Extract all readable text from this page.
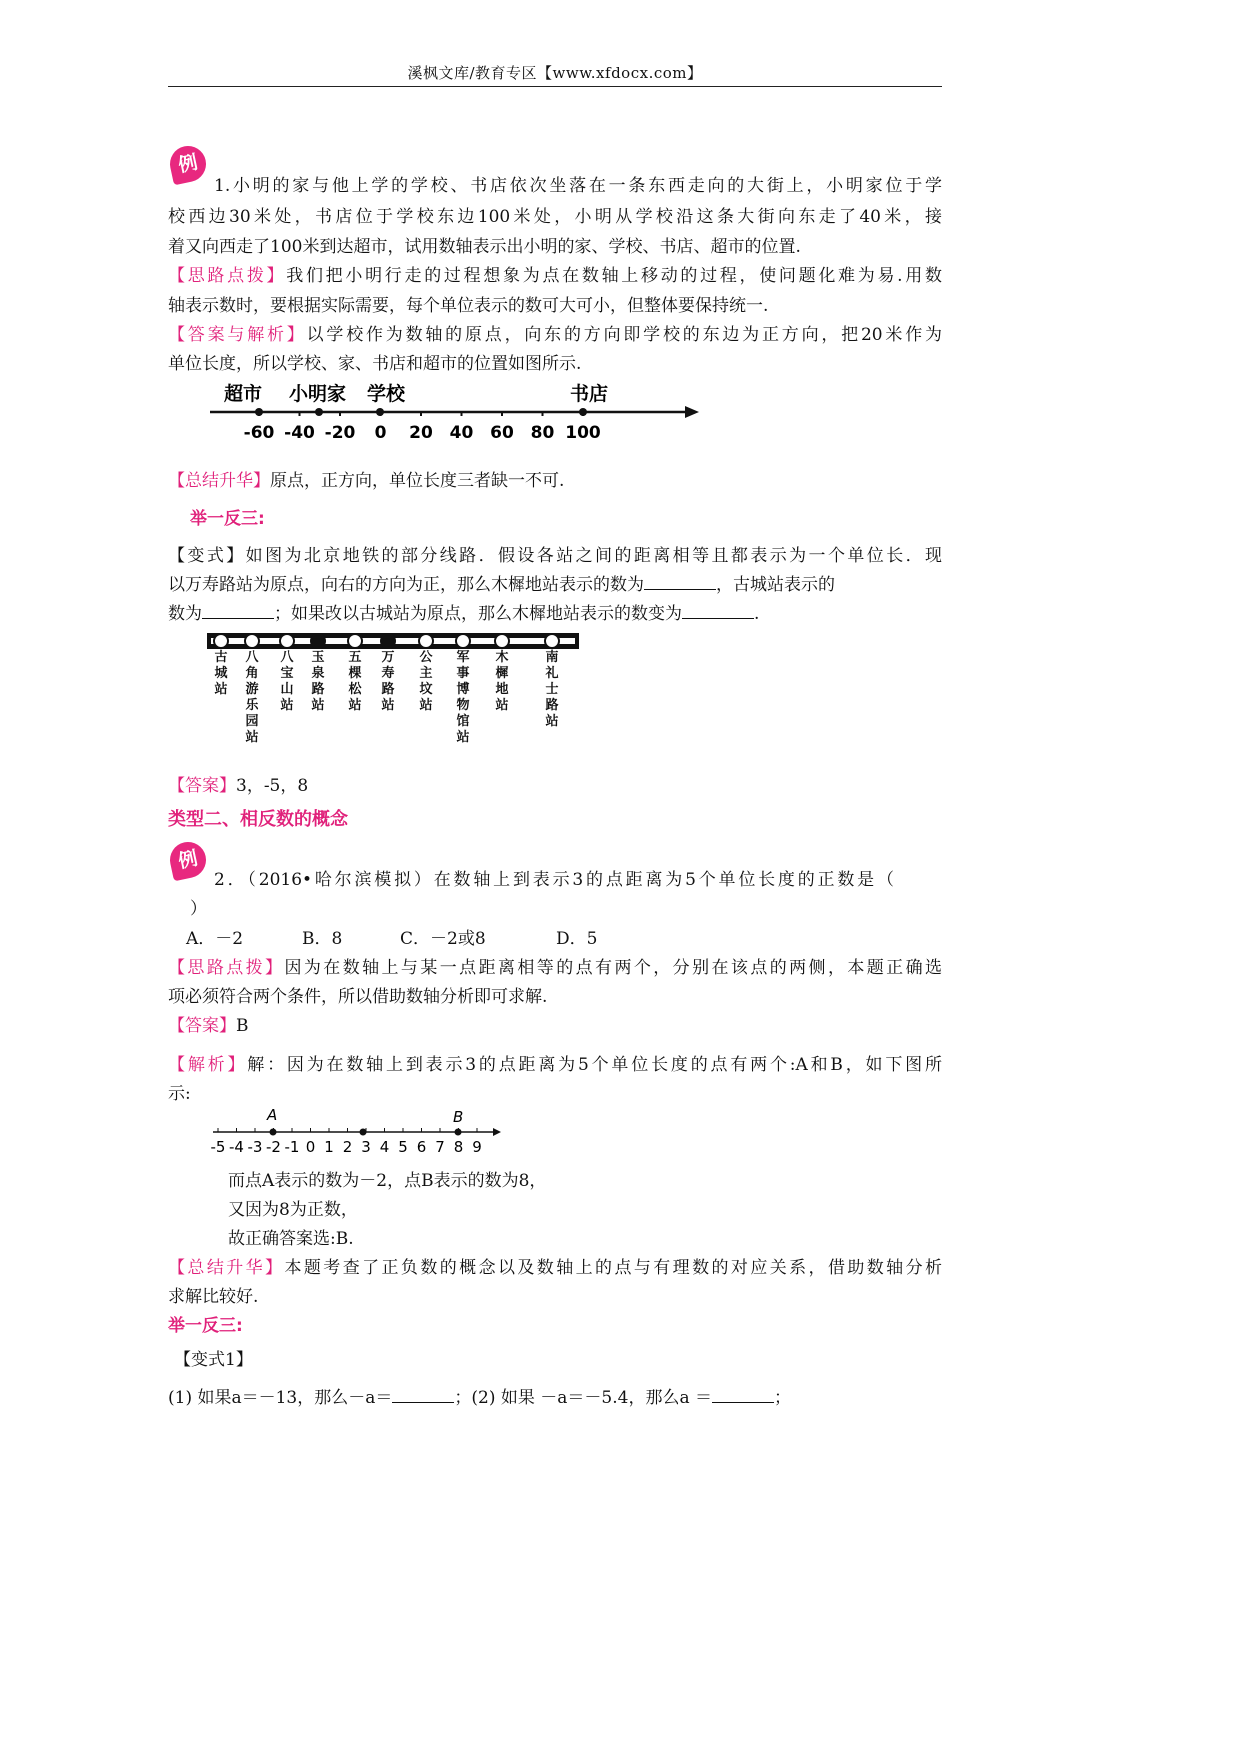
溪枫文库/教育专区【www.xfdocx.com】
例
1.小明的家与他上学的学校、书店依次坐落在一条东西走向的大街上，小明家位于学
校西边30米处，书店位于学校东边100米处，小明从学校沿这条大街向东走了40米，接
着又向西走了100米到达超市，试用数轴表示出小明的家、学校、书店、超市的位置.
【思路点拨】我们把小明行走的过程想象为点在数轴上移动的过程，使问题化难为易.用数
轴表示数时，要根据实际需要，每个单位表示的数可大可小，但整体要保持统一.
【答案与解析】以学校作为数轴的原点，向东的方向即学校的东边为正方向，把20米作为
单位长度，所以学校、家、书店和超市的位置如图所示.
超市 小明家 学校	书店
-60 -40 -20 0 20 40 60 80 100
【总结升华】原点，正方向，单位长度三者缺一不可.
举一反三:
【变式】如图为北京地铁的部分线路．假设各站之间的距离相等且都表示为一个单位长．现
以万寿路站为原点，向右的方向为正，那么木樨地站表示的数为	，古城站表示的
数为	；如果改以古城站为原点，那么木樨地站表示的数变为	.
古城站
八角游乐园站
八宝山站
玉泉路站
五棵松站
万寿路站
公主坟站
军事博物馆站
木樨地站
南礼士路站
【答案】3，-5，8
类型二、相反数的概念
例
2．（2016•哈尔滨模拟）在数轴上到表示3的点距离为5个单位长度的正数是（
）
A．－2	B．8	C．－2或8	D．5
【思路点拨】因为在数轴上与某一点距离相等的点有两个，分别在该点的两侧，本题正确选
项必须符合两个条件，所以借助数轴分析即可求解.
【答案】B
【解析】解：因为在数轴上到表示3的点距离为5个单位长度的点有两个:A和B，如下图所
示:
A	B
-5 -4 -3 -2 -1 0 1 2 3 4 5 6 7 8 9
而点A表示的数为－2，点B表示的数为8，
又因为8为正数，
故正确答案选:B.
【总结升华】本题考查了正负数的概念以及数轴上的点与有理数的对应关系，借助数轴分析
求解比较好.
举一反三:
【变式1】
(1) 如果a＝－13，那么－a＝	；(2) 如果 －a＝－5.4，那么a ＝	；
